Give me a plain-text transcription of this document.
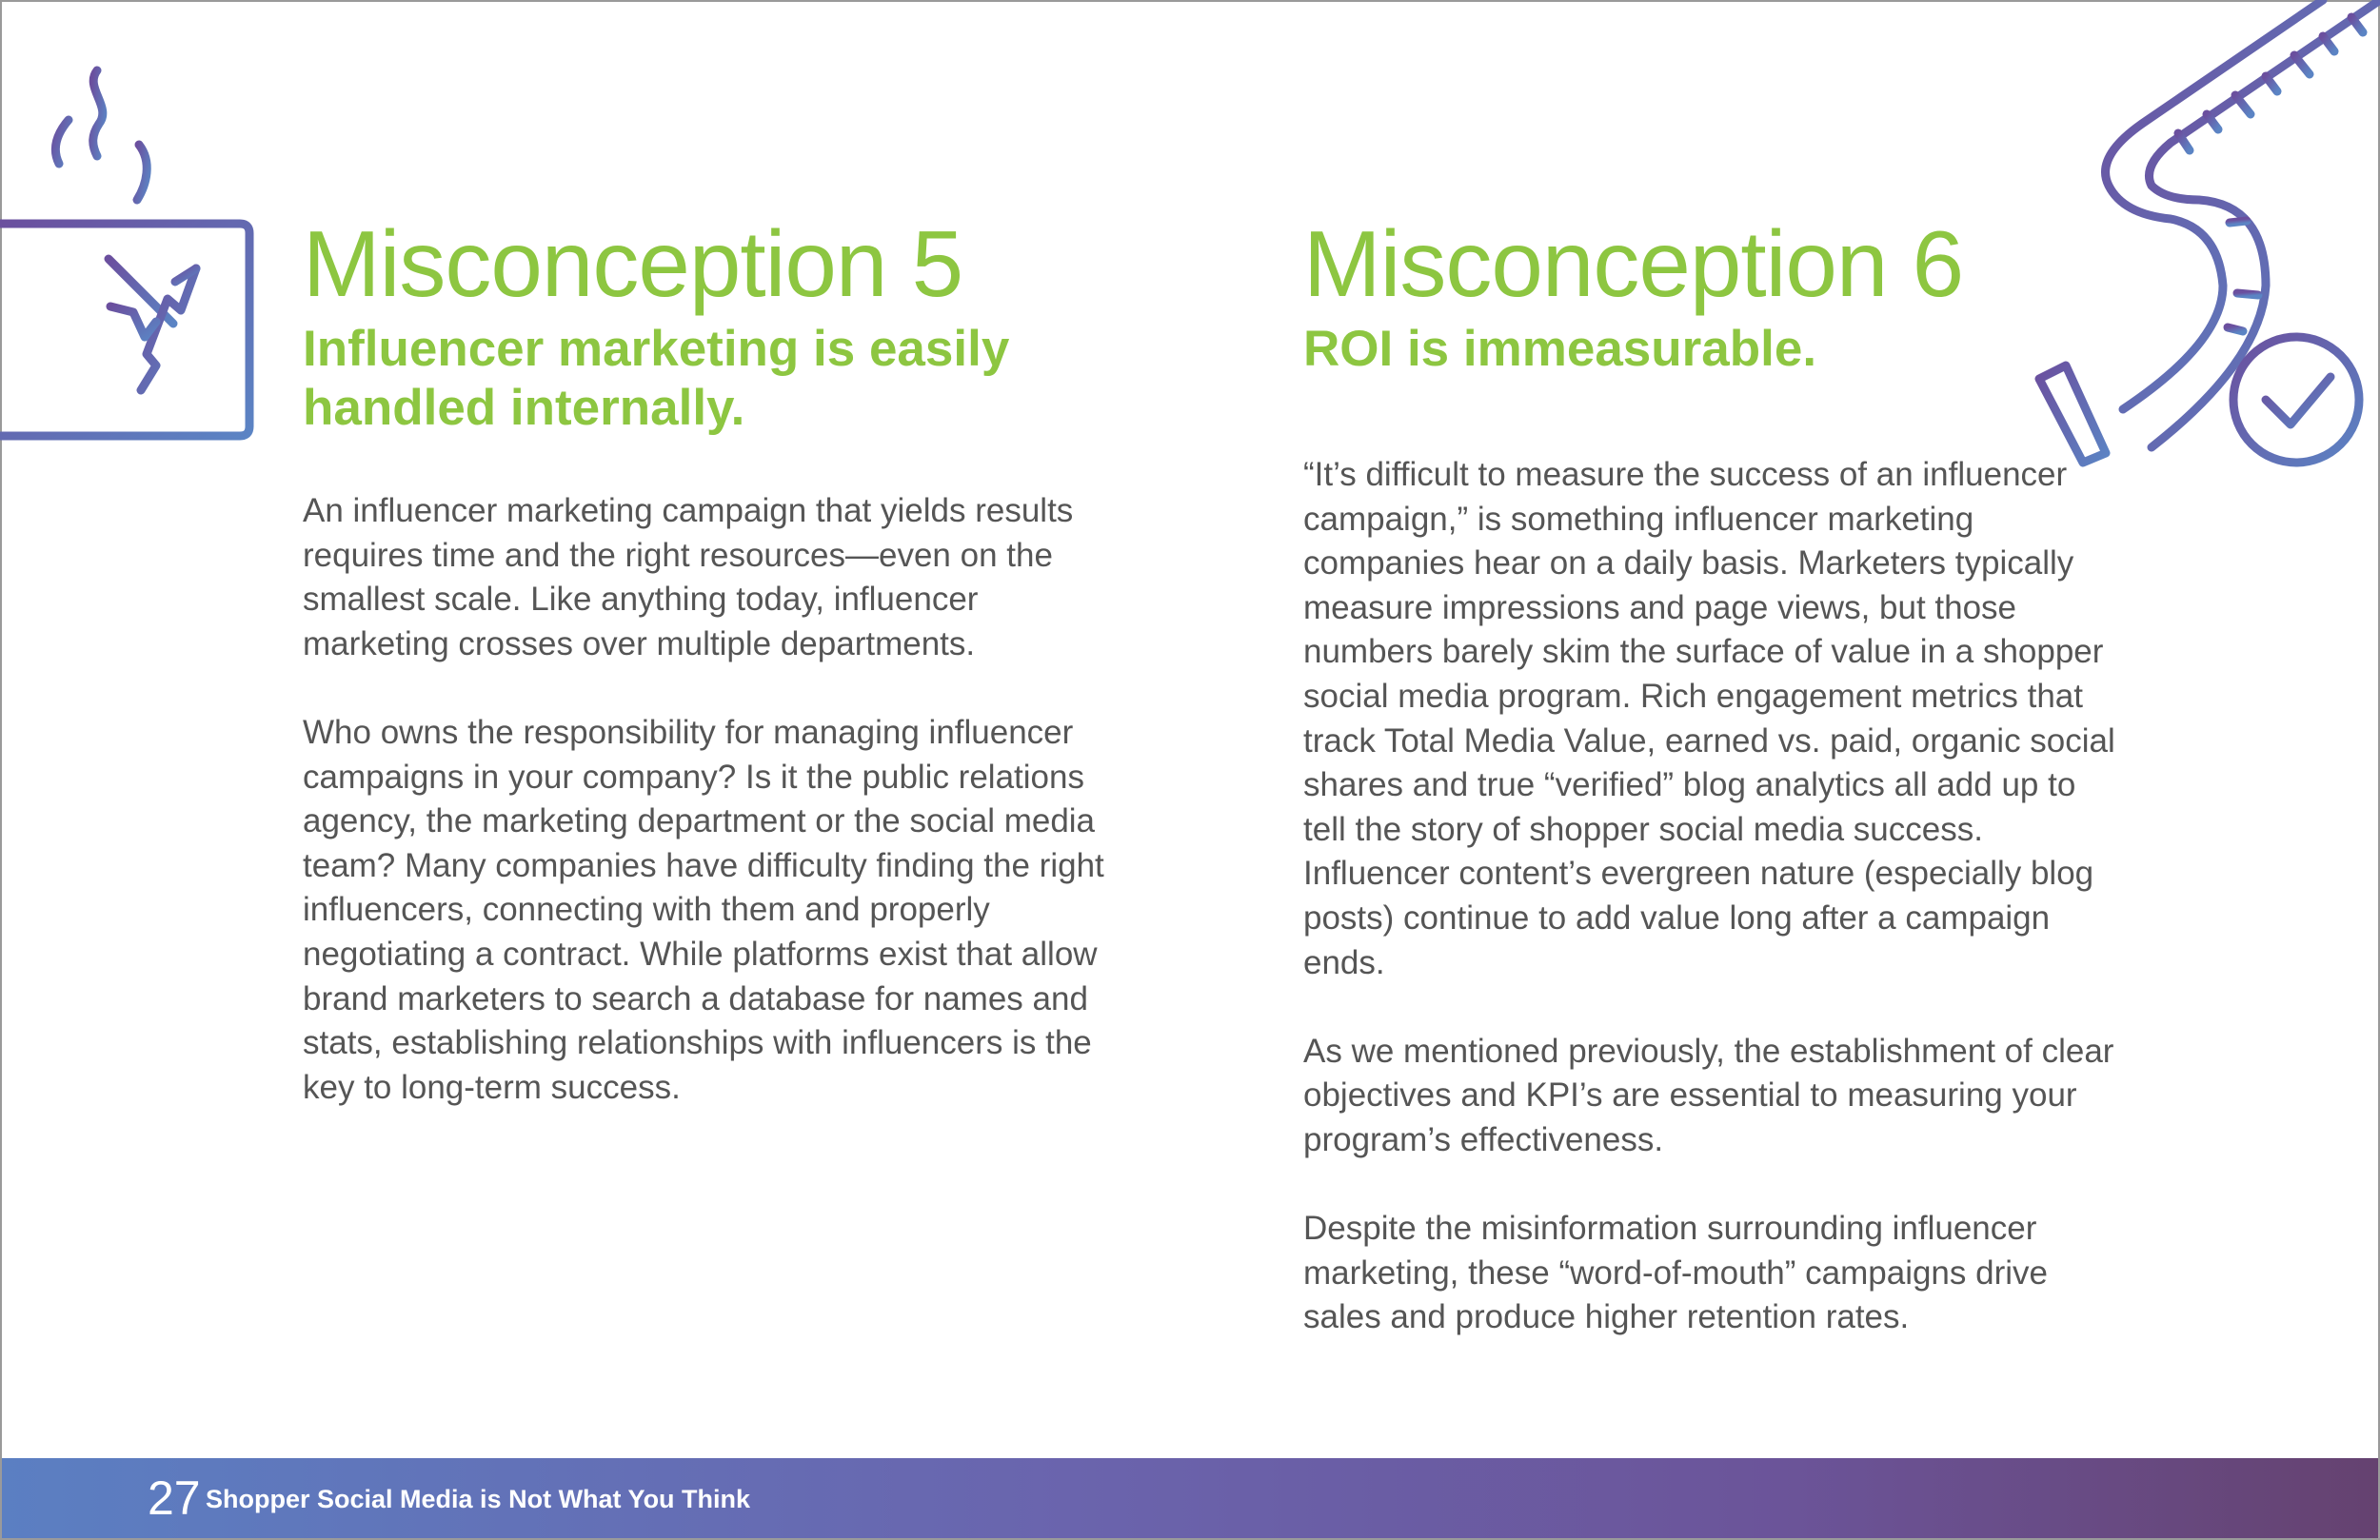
Misconception 5
Influencer marketing is easily
handled internally.

An influencer marketing campaign that yields results requires time and the right resources—even on the smallest scale. Like anything today, influencer marketing crosses over multiple departments.

Who owns the responsibility for managing influencer campaigns in your company? Is it the public relations agency, the marketing department or the social media team? Many companies have difficulty finding the right influencers, connecting with them and properly negotiating a contract. While platforms exist that allow brand marketers to search a database for names and stats, establishing relationships with influencers is the key to long-term success.

Misconception 6
ROI is immeasurable.

“It’s difficult to measure the success of an influencer campaign,” is something influencer marketing companies hear on a daily basis. Marketers typically measure impressions and page views, but those numbers barely skim the surface of value in a shopper social media program. Rich engagement metrics that track Total Media Value, earned vs. paid, organic social shares and true “verified” blog analytics all add up to tell the story of shopper social media success. Influencer content’s evergreen nature (especially blog posts) continue to add value long after a campaign ends.

As we mentioned previously, the establishment of clear objectives and KPI’s are essential to measuring your program’s effectiveness.

Despite the misinformation surrounding influencer marketing, these “word-of-mouth” campaigns drive sales and produce higher retention rates.

27 Shopper Social Media is Not What You Think
